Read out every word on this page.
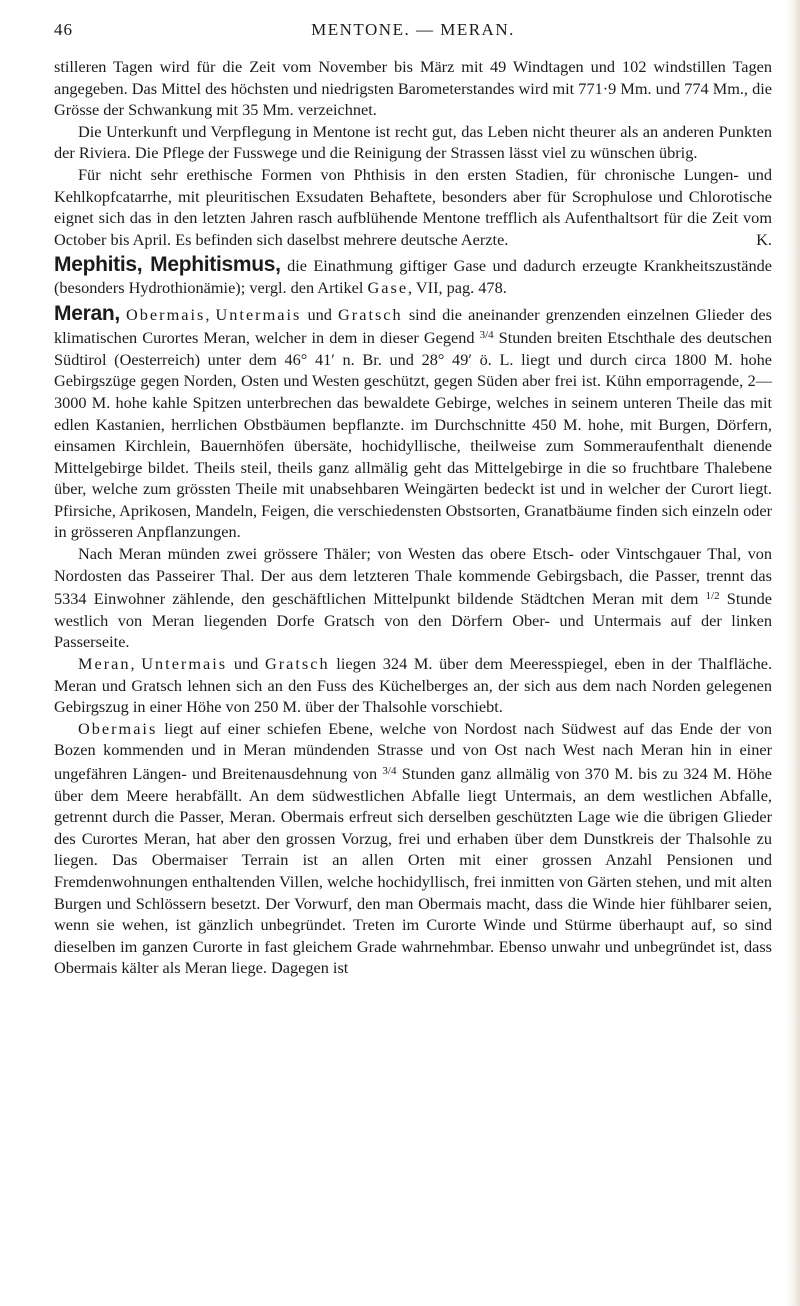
46	MENTONE. — MERAN.

stilleren Tagen wird für die Zeit vom November bis März mit 49 Windtagen und 102 windstillen Tagen angegeben. Das Mittel des höchsten und niedrigsten Barometerstandes wird mit 771·9 Mm. und 774 Mm., die Grösse der Schwankung mit 35 Mm. verzeichnet.

Die Unterkunft und Verpflegung in Mentone ist recht gut, das Leben nicht theurer als an anderen Punkten der Riviera. Die Pflege der Fusswege und die Reinigung der Strassen lässt viel zu wünschen übrig.

Für nicht sehr erethische Formen von Phthisis in den ersten Stadien, für chronische Lungen- und Kehlkopfcatarrhe, mit pleuritischen Exsudaten Behaftete, besonders aber für Scrophulose und Chlorotische eignet sich das in den letzten Jahren rasch aufblühende Mentone trefflich als Aufenthaltsort für die Zeit vom October bis April. Es befinden sich daselbst mehrere deutsche Aerzte.	K.

Mephitis, Mephitismus, die Einathmung giftiger Gase und dadurch erzeugte Krankheitszustände (besonders Hydrothionämie); vergl. den Artikel Gase, VII, pag. 478.

Meran, Obermais, Untermais und Gratsch sind die aneinander grenzenden einzelnen Glieder des klimatischen Curortes Meran, welcher in dem in dieser Gegend $^{3/4}$ Stunden breiten Etschthale des deutschen Südtirol (Oesterreich) unter dem 46° 41′ n. Br. und 28° 49′ ö. L. liegt und durch circa 1800 M. hohe Gebirgszüge gegen Norden, Osten und Westen geschützt, gegen Süden aber frei ist. Kühn emporragende, 2—3000 M. hohe kahle Spitzen unterbrechen das bewaldete Gebirge, welches in seinem unteren Theile das mit edlen Kastanien, herrlichen Obstbäumen bepflanzte. im Durchschnitte 450 M. hohe, mit Burgen, Dörfern, einsamen Kirchlein, Bauernhöfen übersäte, hochidyllische, theilweise zum Sommeraufenthalt dienende Mittelgebirge bildet. Theils steil, theils ganz allmälig geht das Mittelgebirge in die so fruchtbare Thalebene über, welche zum grössten Theile mit unabsehbaren Weingärten bedeckt ist und in welcher der Curort liegt. Pfirsiche, Aprikosen, Mandeln, Feigen, die verschiedensten Obstsorten, Granatbäume finden sich einzeln oder in grösseren Anpflanzungen.

Nach Meran münden zwei grössere Thäler; von Westen das obere Etsch- oder Vintschgauer Thal, von Nordosten das Passeirer Thal. Der aus dem letzteren Thale kommende Gebirgsbach, die Passer, trennt das 5334 Einwohner zählende, den geschäftlichen Mittelpunkt bildende Städtchen Meran mit dem $^{1/2}$ Stunde westlich von Meran liegenden Dorfe Gratsch von den Dörfern Ober- und Untermais auf der linken Passerseite.

Meran, Untermais und Gratsch liegen 324 M. über dem Meeresspiegel, eben in der Thalfläche. Meran und Gratsch lehnen sich an den Fuss des Küchelberges an, der sich aus dem nach Norden gelegenen Gebirgszug in einer Höhe von 250 M. über der Thalsohle vorschiebt.

Obermais liegt auf einer schiefen Ebene, welche von Nordost nach Südwest auf das Ende der von Bozen kommenden und in Meran mündenden Strasse und von Ost nach West nach Meran hin in einer ungefähren Längen- und Breitenausdehnung von $^{3/4}$ Stunden ganz allmälig von 370 M. bis zu 324 M. Höhe über dem Meere herabfällt. An dem südwestlichen Abfalle liegt Untermais, an dem westlichen Abfalle, getrennt durch die Passer, Meran. Obermais erfreut sich derselben geschützten Lage wie die übrigen Glieder des Curortes Meran, hat aber den grossen Vorzug, frei und erhaben über dem Dunstkreis der Thalsohle zu liegen. Das Obermaiser Terrain ist an allen Orten mit einer grossen Anzahl Pensionen und Fremdenwohnungen enthaltenden Villen, welche hochidyllisch, frei inmitten von Gärten stehen, und mit alten Burgen und Schlössern besetzt. Der Vorwurf, den man Obermais macht, dass die Winde hier fühlbarer seien, wenn sie wehen, ist gänzlich unbegründet. Treten im Curorte Winde und Stürme überhaupt auf, so sind dieselben im ganzen Curorte in fast gleichem Grade wahrnehmbar. Ebenso unwahr und unbegründet ist, dass Obermais kälter als Meran liege. Dagegen ist
